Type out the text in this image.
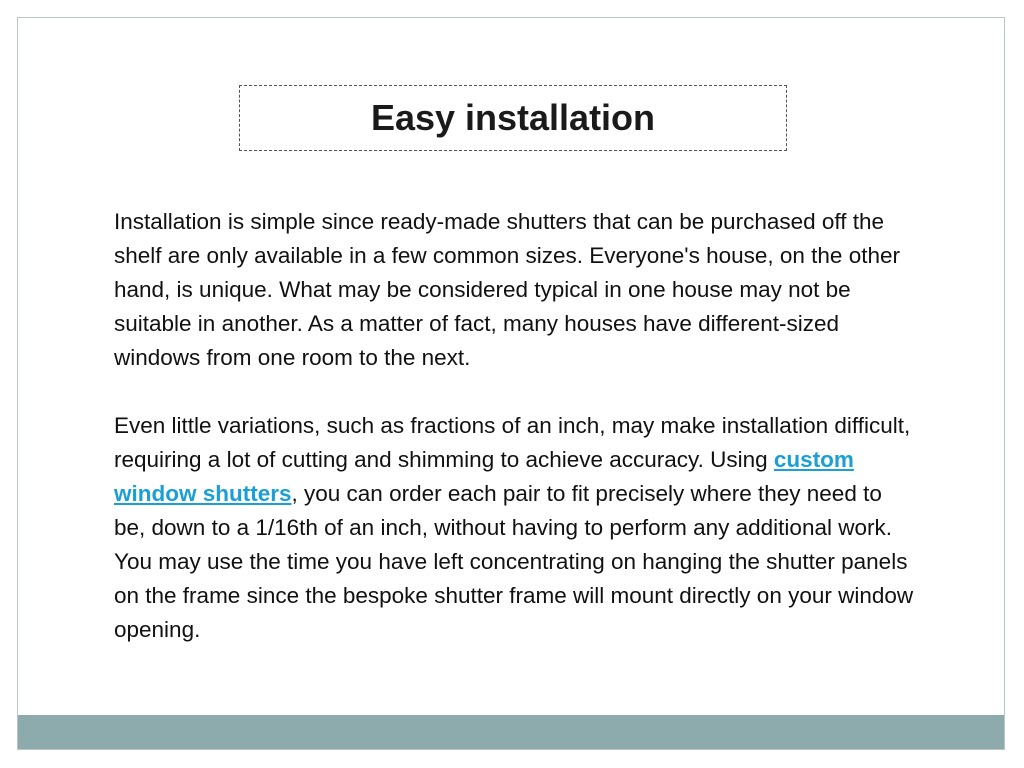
Easy installation

Installation is simple since ready-made shutters that can be purchased off the shelf are only available in a few common sizes. Everyone's house, on the other hand, is unique. What may be considered typical in one house may not be suitable in another. As a matter of fact, many houses have different-sized windows from one room to the next.

Even little variations, such as fractions of an inch, may make installation difficult, requiring a lot of cutting and shimming to achieve accuracy. Using custom window shutters, you can order each pair to fit precisely where they need to be, down to a 1/16th of an inch, without having to perform any additional work. You may use the time you have left concentrating on hanging the shutter panels on the frame since the bespoke shutter frame will mount directly on your window opening.
